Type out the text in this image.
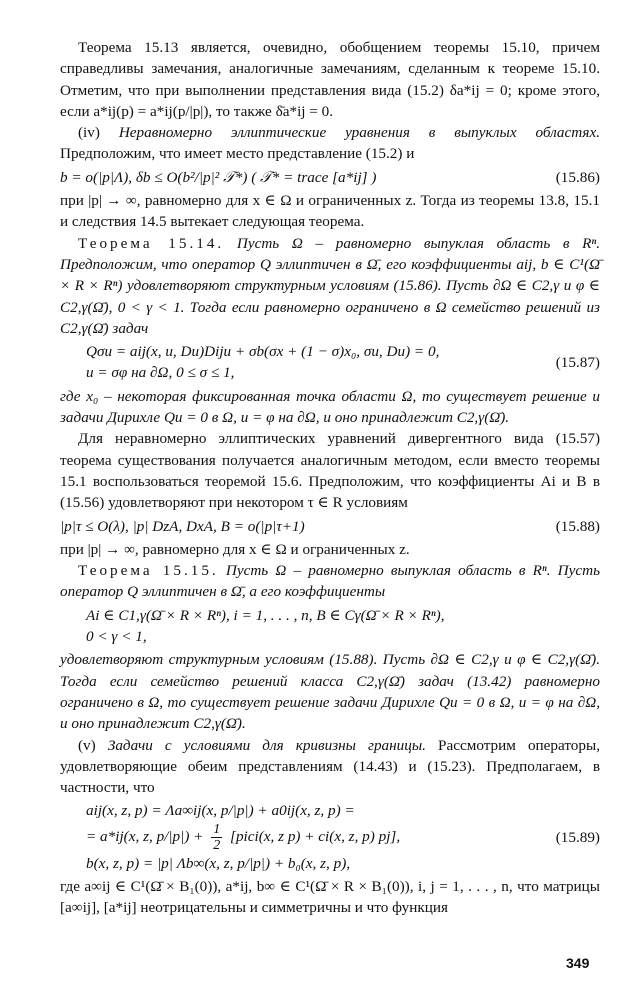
Теорема 15.13 является, очевидно, обобщением теоремы 15.10, причем справедливы замечания, аналогичные замечаниям, сделанным к теореме 15.10. Отметим, что при выполнении представления вида (15.2) δa*ij = 0; кроме этого, если a*ij(p) = a*ij(p/|p|), то также δ̄a*ij = 0.

(iv) Неравномерно эллиптические уравнения в выпуклых областях. Предположим, что имеет место представление (15.2) и

b = o(|p|Λ), δb ≤ O(b²/|p|² 𝒯*) ( 𝒯* = trace [a*ij] )	(15.86)

при |p| → ∞, равномерно для x ∈ Ω и ограниченных z. Тогда из теоремы 13.8, 15.1 и следствия 14.5 вытекает следующая теорема.

Теорема 15.14. Пусть Ω – равномерно выпуклая область в Rⁿ. Предположим, что оператор Q эллиптичен в Ω̄, его коэффициенты aij, b ∈ C¹(Ω̄ × R × Rⁿ) удовлетворяют структурным условиям (15.86). Пусть ∂Ω ∈ C2,γ и φ ∈ C2,γ(Ω̄), 0 < γ < 1. Тогда если равномерно ограничено в Ω семейство решений из C2,γ(Ω̄) задач

Qσu = aij(x, u, Du)Diju + σb(σx + (1 − σ)x₀, σu, Du) = 0,
u = σφ на ∂Ω, 0 ≤ σ ≤ 1,
(15.87)

где x₀ – некоторая фиксированная точка области Ω, то существует решение и задачи Дирихле Qu = 0 в Ω, u = φ на ∂Ω, и оно принадлежит C2,γ(Ω̄).

Для неравномерно эллиптических уравнений дивергентного вида (15.57) теорема существования получается аналогичным методом, если вместо теоремы 15.1 воспользоваться теоремой 15.6. Предположим, что коэффициенты Ai и B в (15.56) удовлетворяют при некотором τ ∈ R условиям

|p|τ ≤ O(λ), |p| DzA, DxA, B = o(|p|τ+1)	(15.88)

при |p| → ∞, равномерно для x ∈ Ω и ограниченных z.

Теорема 15.15. Пусть Ω – равномерно выпуклая область в Rⁿ. Пусть оператор Q эллиптичен в Ω̄, а его коэффициенты

Ai ∈ C1,γ(Ω̄ × R × Rⁿ), i = 1, . . . , n, B ∈ Cγ(Ω̄ × R × Rⁿ),
0 < γ < 1,

удовлетворяют структурным условиям (15.88). Пусть ∂Ω ∈ C2,γ и φ ∈ C2,γ(Ω̄). Тогда если семейство решений класса C2,γ(Ω̄) задач (13.42) равномерно ограничено в Ω, то существует решение задачи Дирихле Qu = 0 в Ω, u = φ на ∂Ω, и оно принадлежит C2,γ(Ω̄).

(v) Задачи с условиями для кривизны границы. Рассмотрим операторы, удовлетворяющие обеим представлениям (14.43) и (15.23). Предполагаем, в частности, что

aij(x, z, p) = Λa∞ij(x, p/|p|) + a0ij(x, z, p) =
= a*ij(x, z, $p/|p|) + \frac{1}{2}$ [pici(x, z p) + ci(x, z, p) pj],
b(x, z, p) = |p| Λb∞(x, z, p/|p|) + b₀(x, z, p),
(15.89)

где a∞ij ∈ C¹(Ω̄ × B₁(0)), a*ij, b∞ ∈ C¹(Ω̄ × R × B₁(0)), i, j = 1, . . . , n, что матрицы [a∞ij], [a*ij] неотрицательны и симметричны и что функция

349
